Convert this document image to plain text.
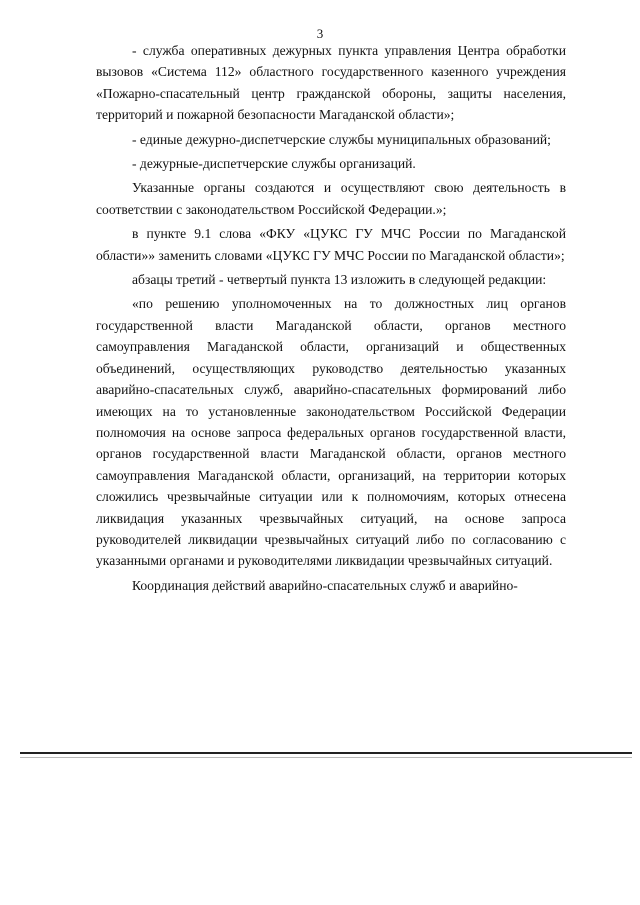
3

- служба оперативных дежурных пункта управления Центра обработки вызовов «Система 112» областного государственного казенного учреждения «Пожарно-спасательный центр гражданской обороны, защиты населения, территорий и пожарной безопасности Магаданской области»;

- единые дежурно-диспетчерские службы муниципальных образований;

- дежурные-диспетчерские службы организаций.

Указанные органы создаются и осуществляют свою деятельность в соответствии с законодательством Российской Федерации.»;

в пункте 9.1 слова «ФКУ «ЦУКС ГУ МЧС России по Магаданской области»» заменить словами «ЦУКС ГУ МЧС России по Магаданской области»;

абзацы третий - четвертый пункта 13 изложить в следующей редакции:

«по решению уполномоченных на то должностных лиц органов государственной власти Магаданской области, органов местного самоуправления Магаданской области, организаций и общественных объединений, осуществляющих руководство деятельностью указанных аварийно-спасательных служб, аварийно-спасательных формирований либо имеющих на то установленные законодательством Российской Федерации полномочия на основе запроса федеральных органов государственной власти, органов государственной власти Магаданской области, органов местного самоуправления Магаданской области, организаций, на территории которых сложились чрезвычайные ситуации или к полномочиям, которых отнесена ликвидация указанных чрезвычайных ситуаций, на основе запроса руководителей ликвидации чрезвычайных ситуаций либо по согласованию с указанными органами и руководителями ликвидации чрезвычайных ситуаций.

Координация действий аварийно-спасательных служб и аварийно-
